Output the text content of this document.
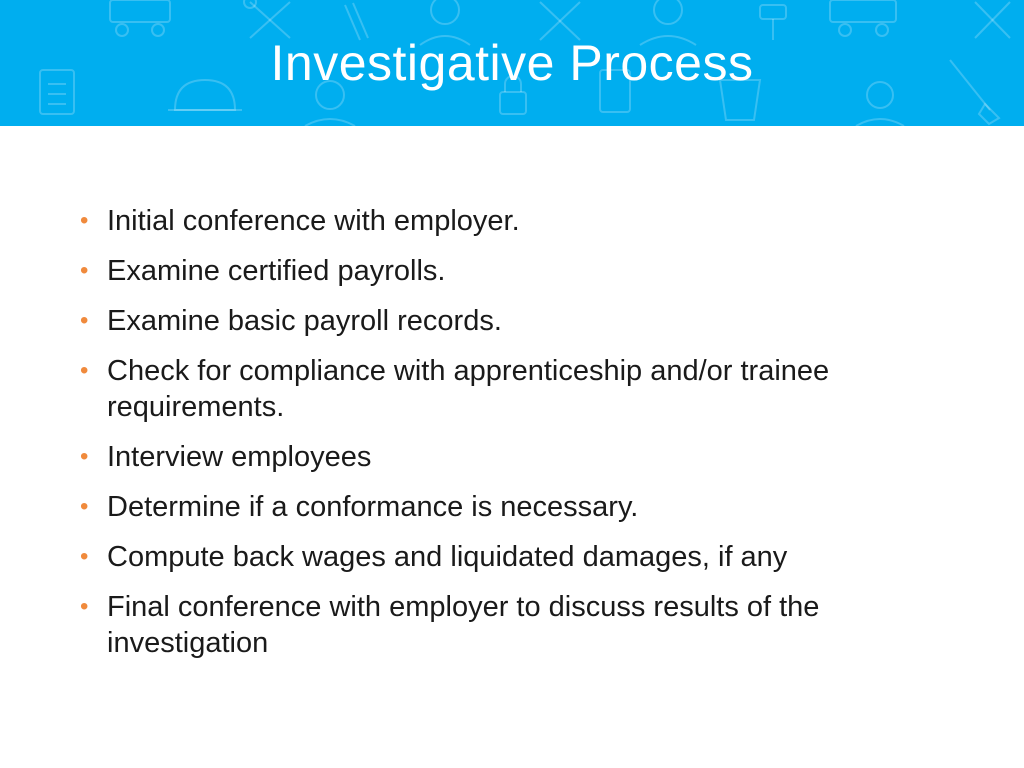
Investigative Process
• Initial conference with employer.
• Examine certified payrolls.
• Examine basic payroll records.
• Check for compliance with apprenticeship and/or trainee requirements.
• Interview employees
• Determine if a conformance is necessary.
• Compute back wages and liquidated damages, if any
• Final conference with employer to discuss results of the investigation
